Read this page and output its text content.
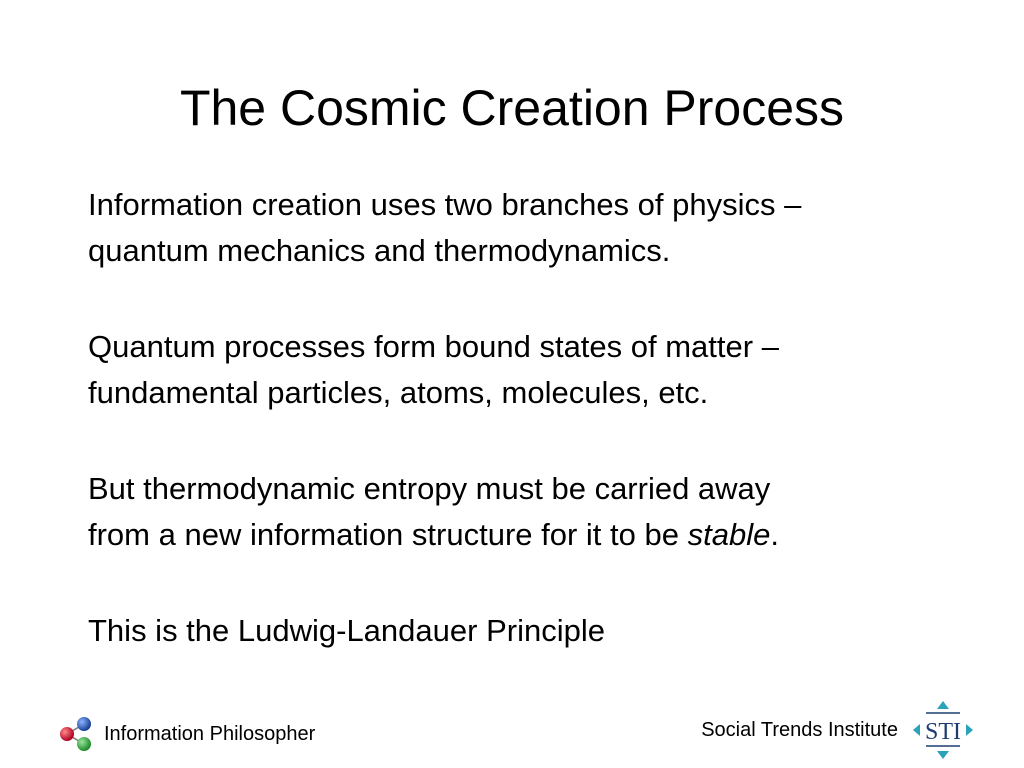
The Cosmic Creation Process

Information creation uses two branches of physics –
quantum mechanics and thermodynamics.

Quantum processes form bound states of matter –
fundamental particles, atoms, molecules, etc.

But thermodynamic entropy must be carried away
from a new information structure for it to be stable.

This is the Ludwig-Landauer Principle

Information Philosopher	Social Trends Institute STI
